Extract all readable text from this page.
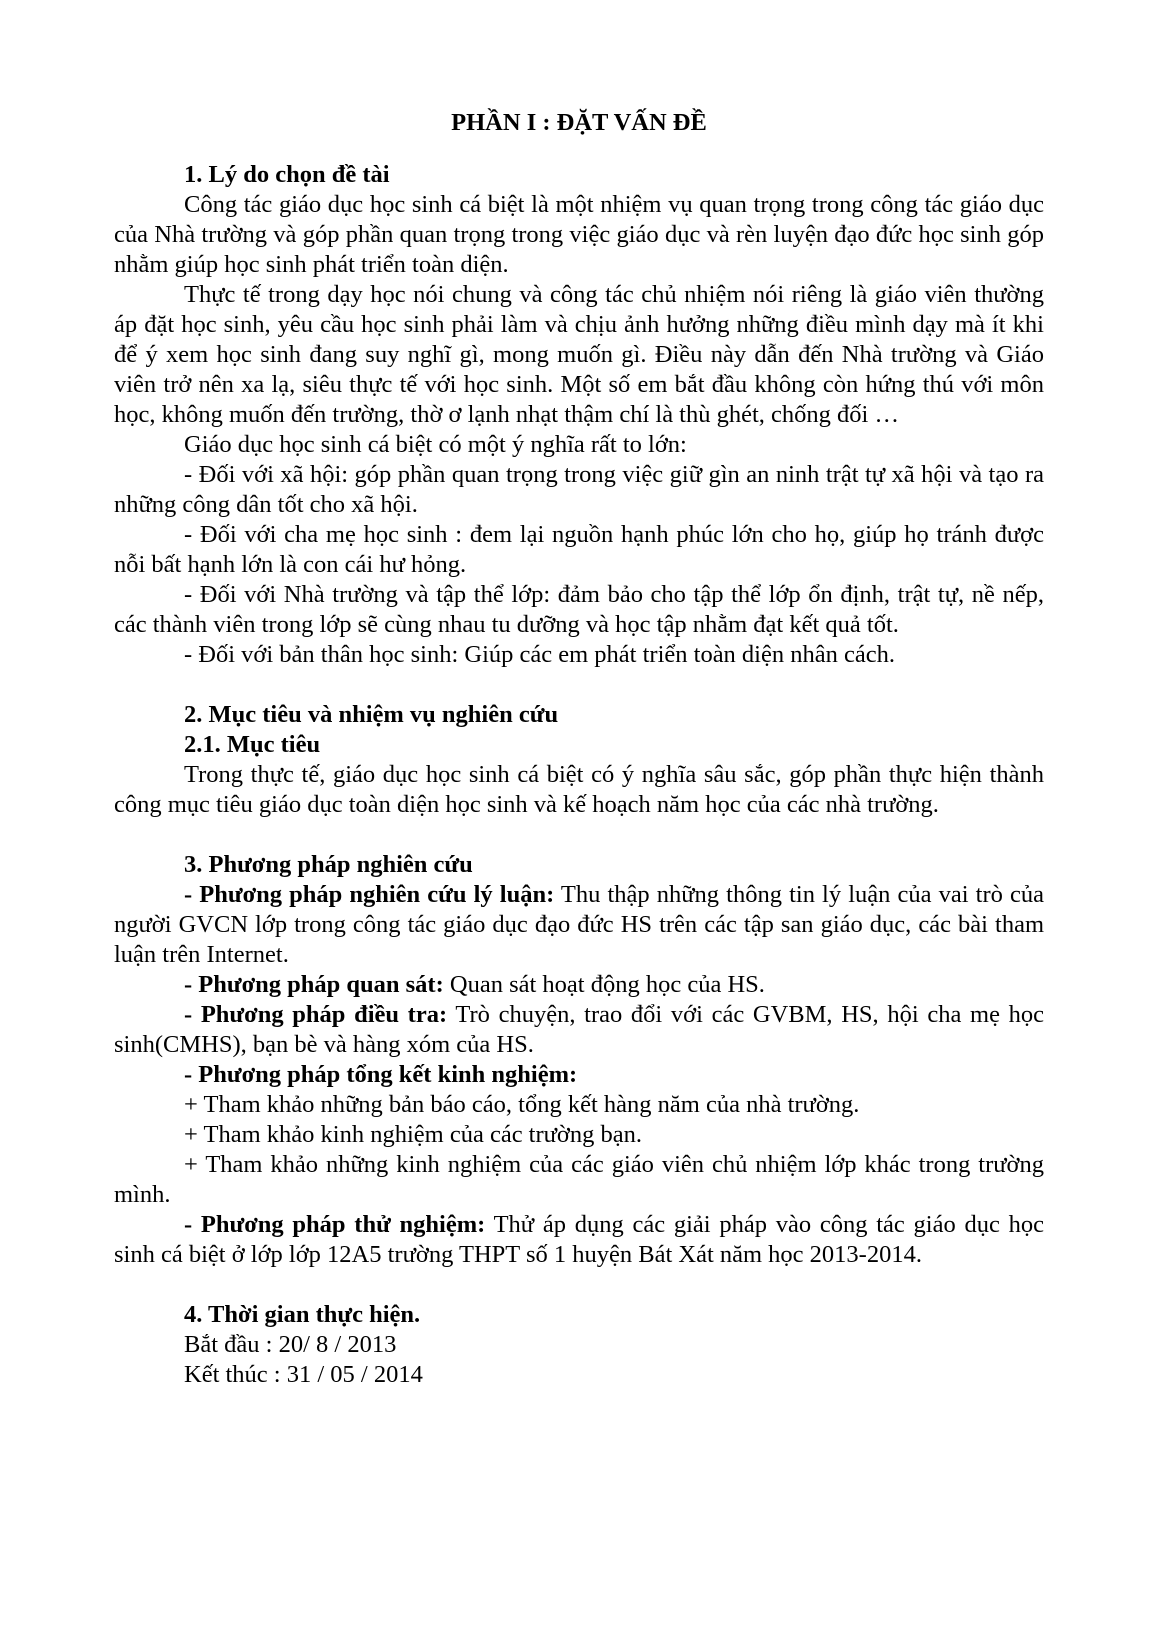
PHẦN I : ĐẶT VẤN ĐỀ
1. Lý do chọn đề tài

Công tác giáo dục học sinh cá biệt là một nhiệm vụ quan trọng trong công tác giáo dục của Nhà trường và góp phần quan trọng trong việc giáo dục và rèn luyện đạo đức học sinh góp nhằm giúp học sinh phát triển toàn diện.

Thực tế trong dạy học nói chung và công tác chủ nhiệm nói riêng là giáo viên thường áp đặt học sinh, yêu cầu học sinh phải làm và chịu ảnh hưởng những điều mình dạy mà ít khi để ý xem học sinh đang suy nghĩ gì, mong muốn gì. Điều này dẫn đến Nhà trường và Giáo viên trở nên xa lạ, siêu thực tế với học sinh. Một số em bắt đầu không còn hứng thú với môn học, không muốn đến trường, thờ ơ lạnh nhạt thậm chí là thù ghét, chống đối …

Giáo dục học sinh cá biệt có một ý nghĩa rất to lớn:

- Đối với xã hội: góp phần quan trọng trong việc giữ gìn an ninh trật tự xã hội và tạo ra những công dân tốt cho xã hội.

- Đối với cha mẹ học sinh : đem lại nguồn hạnh phúc lớn cho họ, giúp họ tránh được nỗi bất hạnh lớn là con cái hư hỏng.

- Đối với Nhà trường và tập thể lớp: đảm bảo cho tập thể lớp ổn định, trật tự, nề nếp, các thành viên trong lớp sẽ cùng nhau tu dưỡng và học tập nhằm đạt kết quả tốt.

- Đối với bản thân học sinh: Giúp các em phát triển toàn diện nhân cách.

2. Mục tiêu và nhiệm vụ nghiên cứu
2.1. Mục tiêu

Trong thực tế, giáo dục học sinh cá biệt có ý nghĩa sâu sắc, góp phần thực hiện thành công mục tiêu giáo dục toàn diện học sinh và kế hoạch năm học của các nhà trường.

3. Phương pháp nghiên cứu

- Phương pháp nghiên cứu lý luận: Thu thập những thông tin lý luận của vai trò của người GVCN lớp trong công tác giáo dục đạo đức HS trên các tập san giáo dục, các bài tham luận trên Internet.

- Phương pháp quan sát: Quan sát hoạt động học của HS.

- Phương pháp điều tra: Trò chuyện, trao đổi với các GVBM, HS, hội cha mẹ học sinh(CMHS), bạn bè và hàng xóm của HS.

- Phương pháp tổng kết kinh nghiệm:

+ Tham khảo những bản báo cáo, tổng kết hàng năm của nhà trường.

+ Tham khảo kinh nghiệm của các trường bạn.

+ Tham khảo những kinh nghiệm của các giáo viên chủ nhiệm lớp khác trong trường mình.

- Phương pháp thử nghiệm: Thử áp dụng các giải pháp vào công tác giáo dục học sinh cá biệt ở lớp lớp 12A5 trường THPT số 1 huyện Bát Xát năm học 2013-2014.

4. Thời gian thực hiện.

Bắt đầu : 20/ 8 / 2013

Kết thúc : 31 / 05 / 2014
